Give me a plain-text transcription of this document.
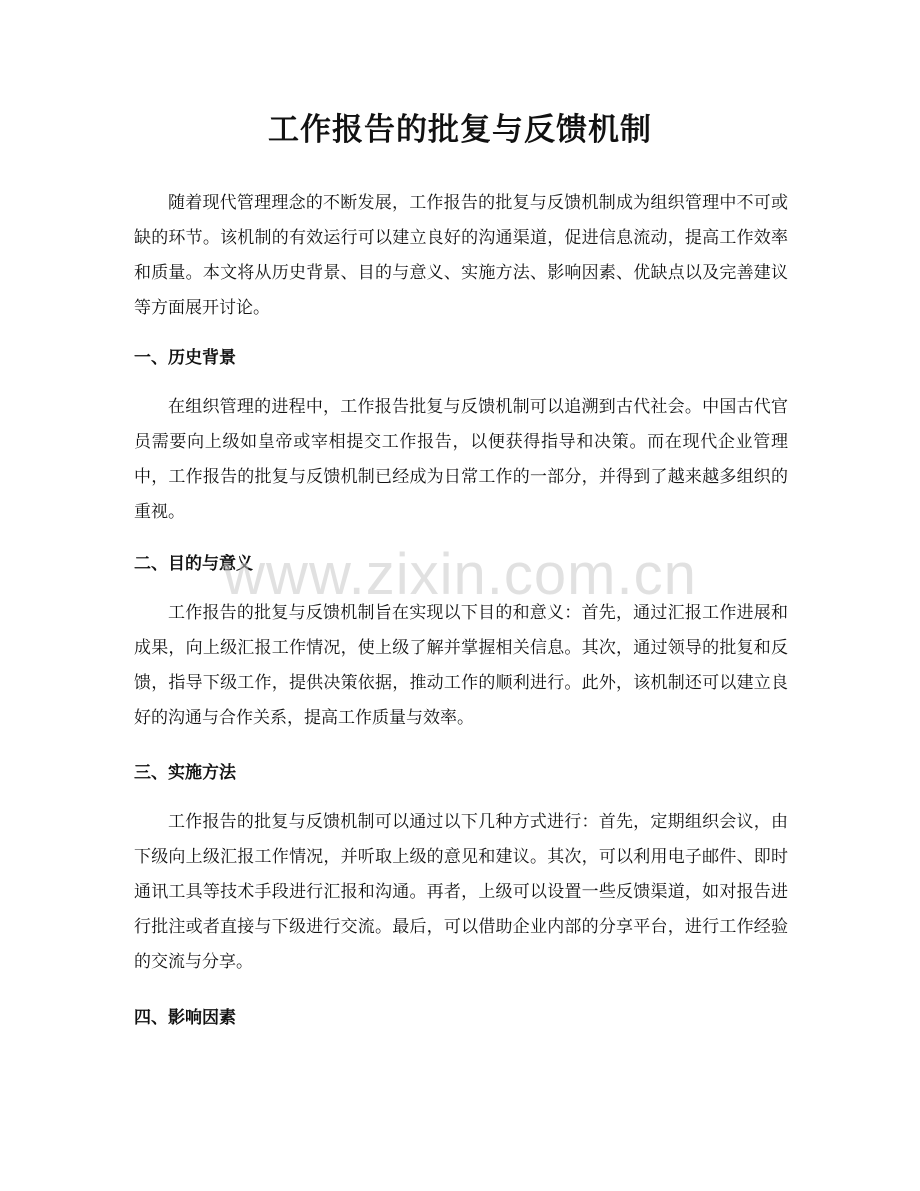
工作报告的批复与反馈机制

随着现代管理理念的不断发展，工作报告的批复与反馈机制成为组织管理中不可或缺的环节。该机制的有效运行可以建立良好的沟通渠道，促进信息流动，提高工作效率和质量。本文将从历史背景、目的与意义、实施方法、影响因素、优缺点以及完善建议等方面展开讨论。

一、历史背景

在组织管理的进程中，工作报告批复与反馈机制可以追溯到古代社会。中国古代官员需要向上级如皇帝或宰相提交工作报告，以便获得指导和决策。而在现代企业管理中，工作报告的批复与反馈机制已经成为日常工作的一部分，并得到了越来越多组织的重视。

二、目的与意义

工作报告的批复与反馈机制旨在实现以下目的和意义：首先，通过汇报工作进展和成果，向上级汇报工作情况，使上级了解并掌握相关信息。其次，通过领导的批复和反馈，指导下级工作，提供决策依据，推动工作的顺利进行。此外，该机制还可以建立良好的沟通与合作关系，提高工作质量与效率。

三、实施方法

工作报告的批复与反馈机制可以通过以下几种方式进行：首先，定期组织会议，由下级向上级汇报工作情况，并听取上级的意见和建议。其次，可以利用电子邮件、即时通讯工具等技术手段进行汇报和沟通。再者，上级可以设置一些反馈渠道，如对报告进行批注或者直接与下级进行交流。最后，可以借助企业内部的分享平台，进行工作经验的交流与分享。

四、影响因素
www.zixin.com.cn
